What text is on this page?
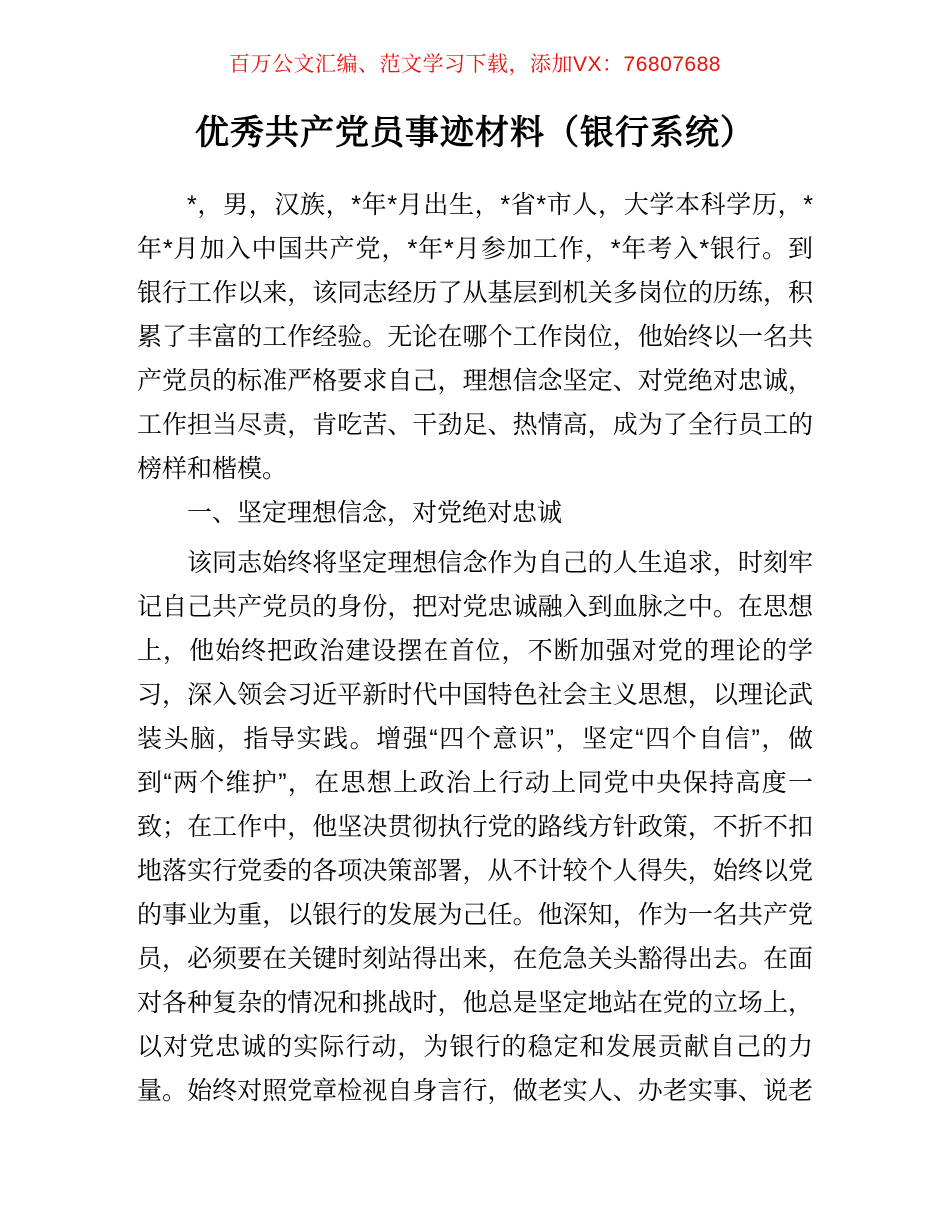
百万公文汇编、范文学习下载，添加VX：76807688
优秀共产党员事迹材料（银行系统）
*，男，汉族，*年*月出生，*省*市人，大学本科学历，*
年*月加入中国共产党，*年*月参加工作，*年考入*银行。到
银行工作以来，该同志经历了从基层到机关多岗位的历练，积
累了丰富的工作经验。无论在哪个工作岗位，他始终以一名共
产党员的标准严格要求自己，理想信念坚定、对党绝对忠诚，
工作担当尽责，肯吃苦、干劲足、热情高，成为了全行员工的
榜样和楷模。
一、坚定理想信念，对党绝对忠诚
该同志始终将坚定理想信念作为自己的人生追求，时刻牢
记自己共产党员的身份，把对党忠诚融入到血脉之中。在思想
上，他始终把政治建设摆在首位，不断加强对党的理论的学
习，深入领会习近平新时代中国特色社会主义思想，以理论武
装头脑，指导实践。增强“四个意识”，坚定“四个自信”，做
到“两个维护”，在思想上政治上行动上同党中央保持高度一
致；在工作中，他坚决贯彻执行党的路线方针政策，不折不扣
地落实行党委的各项决策部署，从不计较个人得失，始终以党
的事业为重，以银行的发展为己任。他深知，作为一名共产党
员，必须要在关键时刻站得出来，在危急关头豁得出去。在面
对各种复杂的情况和挑战时，他总是坚定地站在党的立场上，
以对党忠诚的实际行动，为银行的稳定和发展贡献自己的力
量。始终对照党章检视自身言行，做老实人、办老实事、说老
